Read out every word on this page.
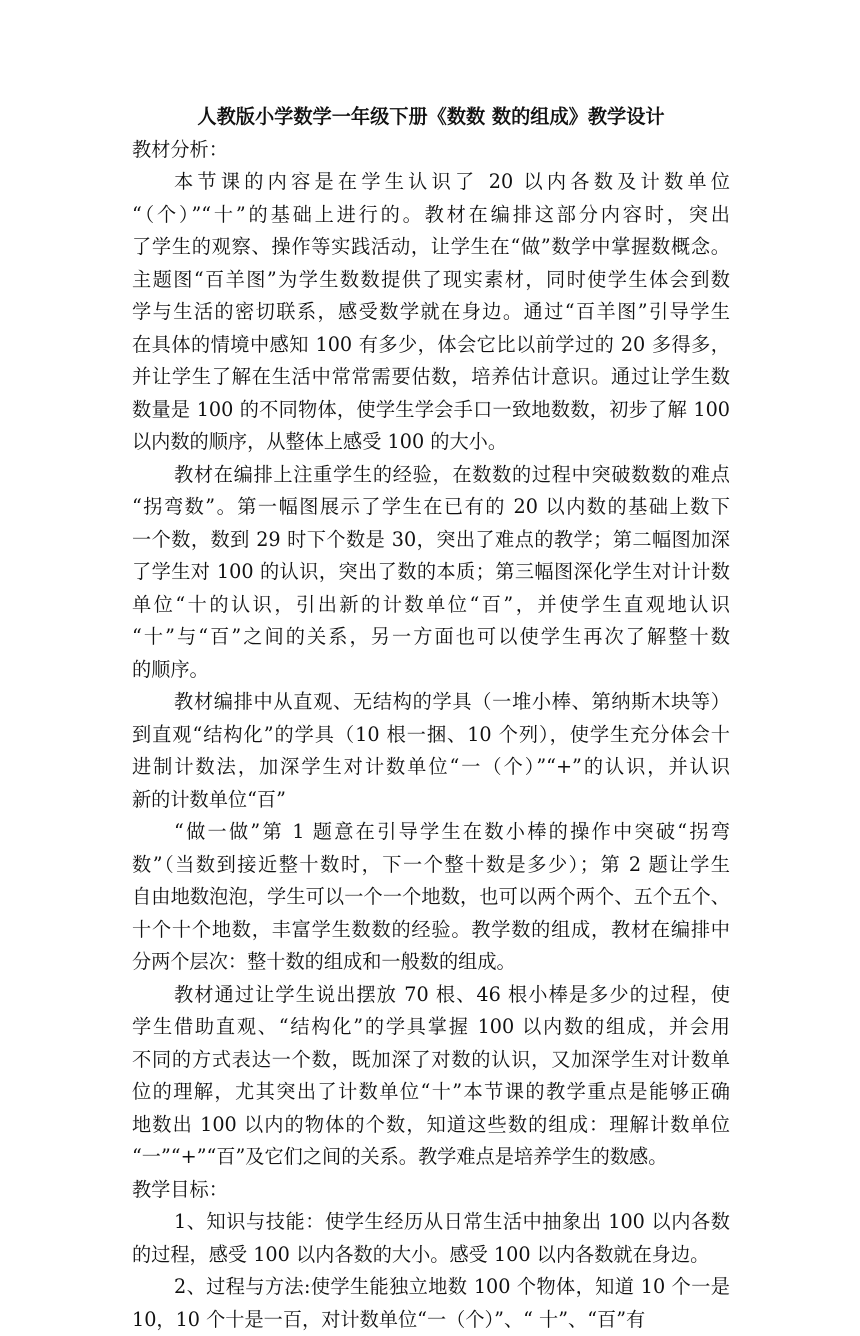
人教版小学数学一年级下册《数数 数的组成》教学设计
教材分析：
本节课的内容是在学生认识了 20 以内各数及计数单位
“（个）”“十”的基础上进行的。教材在编排这部分内容时，突出
了学生的观察、操作等实践活动，让学生在“做”数学中掌握数概念。
主题图“百羊图”为学生数数提供了现实素材，同时使学生体会到数
学与生活的密切联系，感受数学就在身边。通过“百羊图”引导学生
在具体的情境中感知 100 有多少，体会它比以前学过的 20 多得多，
并让学生了解在生活中常常需要估数，培养估计意识。通过让学生数
数量是 100 的不同物体，使学生学会手口一致地数数，初步了解 100
以内数的顺序，从整体上感受 100 的大小。
教材在编排上注重学生的经验，在数数的过程中突破数数的难点
“拐弯数”。第一幅图展示了学生在已有的 20 以内数的基础上数下
一个数，数到 29 时下个数是 30，突出了难点的教学；第二幅图加深
了学生对 100 的认识，突出了数的本质；第三幅图深化学生对计计数
单位“十的认识，引出新的计数单位“百”，并使学生直观地认识
“十”与“百”之间的关系，另一方面也可以使学生再次了解整十数
的顺序。
教材编排中从直观、无结构的学具（一堆小棒、第纳斯木块等）
到直观“结构化”的学具（10 根一捆、10 个列），使学生充分体会十
进制计数法，加深学生对计数单位“一（个）”“+”的认识，并认识
新的计数单位“百”
“做一做”第 1 题意在引导学生在数小棒的操作中突破“拐弯
数”（当数到接近整十数时，下一个整十数是多少）；第 2 题让学生
自由地数泡泡，学生可以一个一个地数，也可以两个两个、五个五个、
十个十个地数，丰富学生数数的经验。教学数的组成，教材在编排中
分两个层次：整十数的组成和一般数的组成。
教材通过让学生说出摆放 70 根、46 根小棒是多少的过程，使
学生借助直观、“结构化”的学具掌握 100 以内数的组成，并会用
不同的方式表达一个数，既加深了对数的认识，又加深学生对计数单
位的理解，尤其突出了计数单位“十”本节课的教学重点是能够正确
地数出 100 以内的物体的个数，知道这些数的组成：理解计数单位
“一”“+”“百”及它们之间的关系。教学难点是培养学生的数感。
教学目标：
1、知识与技能：使学生经历从日常生活中抽象出 100 以内各数
的过程，感受 100 以内各数的大小。感受 100 以内各数就在身边。
2、过程与方法:使学生能独立地数 100 个物体，知道 10 个一是
10，10 个十是一百，对计数单位“一（个）”、“ 十”、“百”有
